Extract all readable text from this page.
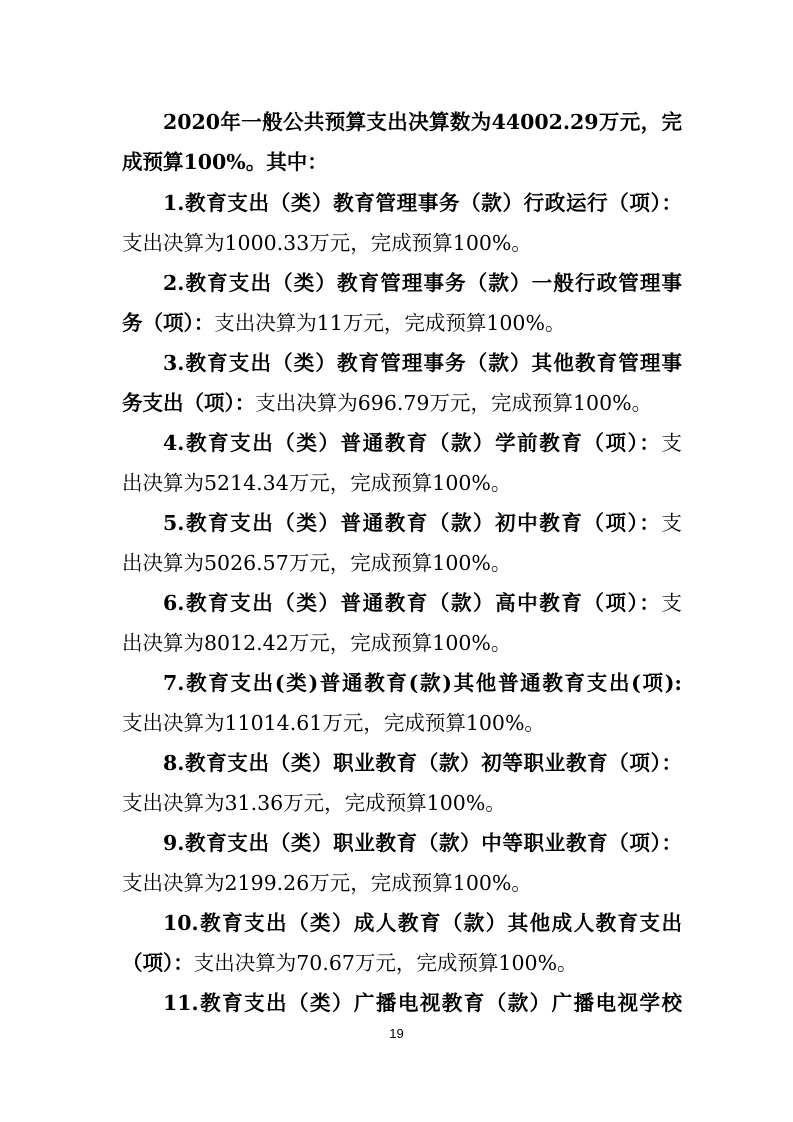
2020年一般公共预算支出决算数为44002.29万元，完
成预算100%。其中：
1.教育支出（类）教育管理事务（款）行政运行（项）：
支出决算为1000.33万元，完成预算100%。
2.教育支出（类）教育管理事务（款）一般行政管理事
务（项）：支出决算为11万元，完成预算100%。
3.教育支出（类）教育管理事务（款）其他教育管理事
务支出（项）：支出决算为696.79万元，完成预算100%。
4.教育支出（类）普通教育（款）学前教育（项）：支
出决算为5214.34万元，完成预算100%。
5.教育支出（类）普通教育（款）初中教育（项）：支
出决算为5026.57万元，完成预算100%。
6.教育支出（类）普通教育（款）高中教育（项）：支
出决算为8012.42万元，完成预算100%。
7.教育支出(类)普通教育(款)其他普通教育支出(项):
支出决算为11014.61万元，完成预算100%。
8.教育支出（类）职业教育（款）初等职业教育（项）：
支出决算为31.36万元，完成预算100%。
9.教育支出（类）职业教育（款）中等职业教育（项）：
支出决算为2199.26万元，完成预算100%。
10.教育支出（类）成人教育（款）其他成人教育支出
（项）：支出决算为70.67万元，完成预算100%。
11.教育支出（类）广播电视教育（款）广播电视学校
19
